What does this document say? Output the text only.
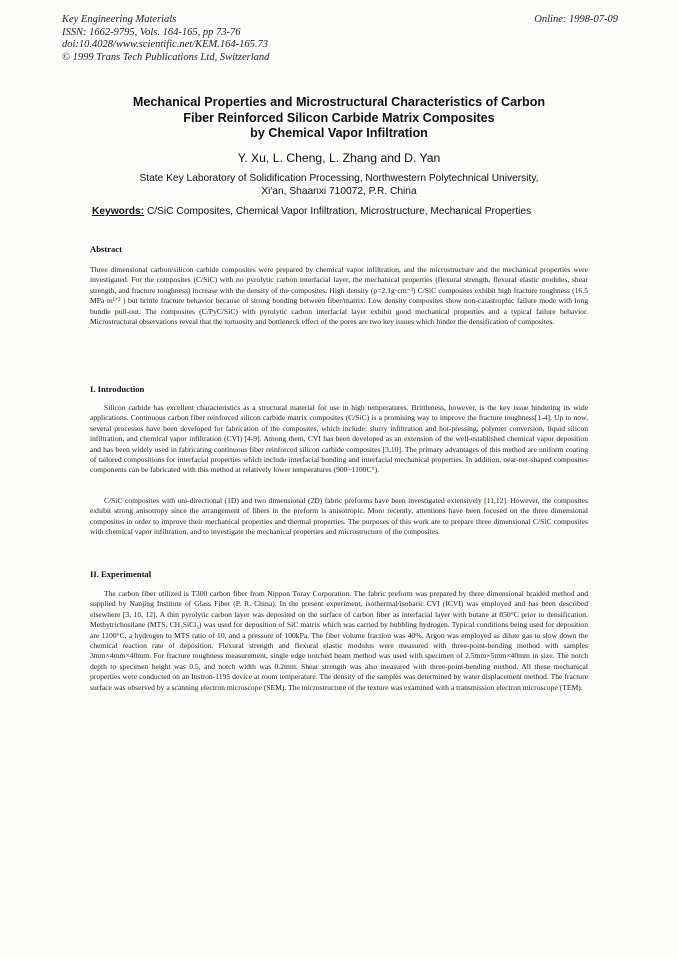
Key Engineering Materials
ISSN: 1662-9795, Vols. 164-165, pp 73-76
doi:10.4028/www.scientific.net/KEM.164-165.73
© 1999 Trans Tech Publications Ltd, Switzerland
Online: 1998-07-09
Mechanical Properties and Microstructural Characteristics of Carbon
Fiber Reinforced Silicon Carbide Matrix Composites
by Chemical Vapor Infiltration
Y. Xu, L. Cheng, L. Zhang and D. Yan
State Key Laboratory of Solidification Processing, Northwestern Polytechnical University,
Xi'an, Shaanxi 710072, P.R. China
Keywords: C/SiC Composites, Chemical Vapor Infiltration, Microstructure, Mechanical Properties
Abstract
Three dimensional carbon/silicon carbide composites were prepared by chemical vapor infiltration, and the microstructure and the mechanical properties were investigated. For the composites (C/SiC) with no pyrolytic carbon interfacial layer, the mechanical properties (flexural strength, flexural elastic modules, shear strength, and fracture toughness) increase with the density of the composites. High density (ρ=2.1g·cm⁻³) C/SiC composites exhibit high fracture toughness (16.5 MPa·m¹ᐟ² ) but brittle fracture behavior because of strong bonding between fiber/matrix. Low density composites show non-catastrophic failure mode with long bundle pull-out. The composites (C/PyC/SiC) with pyrolytic carbon interfacial layer exhibit good mechanical properties and a typical failure behavior. Microstructural observations reveal that the tortuosity and bottleneck effect of the pores are two key issues which hinder the densification of composites.
I. Introduction
Silicon carbide has excellent characteristics as a structural material for use in high temperatures. Brittleness, however, is the key issue hindering its wide applications. Continuous carbon fiber reinforced silicon carbide matrix composites (C/SiC) is a promising way to improve the fracture toughness[1-4]. Up to now, several processes have been developed for fabrication of the composites, which include: slurry infiltration and hot-pressing, polymer conversion, liquid silicon infiltration, and chemical vapor infiltration (CVI) [4-9]. Among them, CVI has been developed as an extension of the well-established chemical vapor deposition and has been widely used in fabricating continuous fiber reinforced silicon carbide composites [3,10]. The primary advantages of this method are uniform coating of tailored compositions for interfacial properties which include interfacial bonding and interfacial mechanical properties. In addition, near-net-shaped composites components can be fabricated with this method at relatively lower temperatures (900~1100C°).
C/SiC composites with uni-directional (1D) and two dimensional (2D) fabric preforms have been investigated extensively [11,12]. However, the composites exhibit strong anisotropy since the arrangement of fibers in the preform is anisotropic. More recently, attentions have been focused on the three dimensional composites in order to improve their mechanical properties and thermal properties. The purposes of this work are to prepare three dimensional C/SiC composites with chemical vapor infiltration, and to investigate the mechanical properties and microstructure of the composites.
II. Experimental
The carbon fiber utilized is T300 carbon fiber from Nippon Toray Corporation. The fabric preform was prepared by three dimensional braided method and supplied by Nanjing Institute of Glass Fiber (P. R. China). In the present experiment, isothermal/isobaric CVI (ICVI) was employed and has been described elsewhere [3, 10, 12]. A thin pyrolytic carbon layer was deposited on the surface of carbon fiber as interfacial layer with butane at 850°C prior to densification. Methytrichosilane (MTS, CH₃SiCl₃) was used for deposition of SiC matrix which was carried by bubbling hydrogen. Typical conditions being used for deposition are 1100°C, a hydrogen to MTS ratio of 10, and a pressure of 100kPa. The fiber volume fraction was 40%. Argon was employed as dilute gas to slow down the chemical reaction rate of deposition. Flexural strength and flexural elastic modulus were measured with three-point-bending method with samples 3mm×4mm×40mm. For fracture toughness measurement, single edge notched beam method was used with specimen of 2.5mm×5mm×40mm in size. The notch depth to specimen height was 0.5, and notch width was 0.2mm. Shear strength was also measured with three-point-bending method. All these mechanical properties were conducted on an Instron-1195 device at room temperature. The density of the samples was determined by water displacement method. The fracture surface was observed by a scanning electron microscope (SEM). The microstructure of the texture was examined with a transmission electron microscope (TEM).
